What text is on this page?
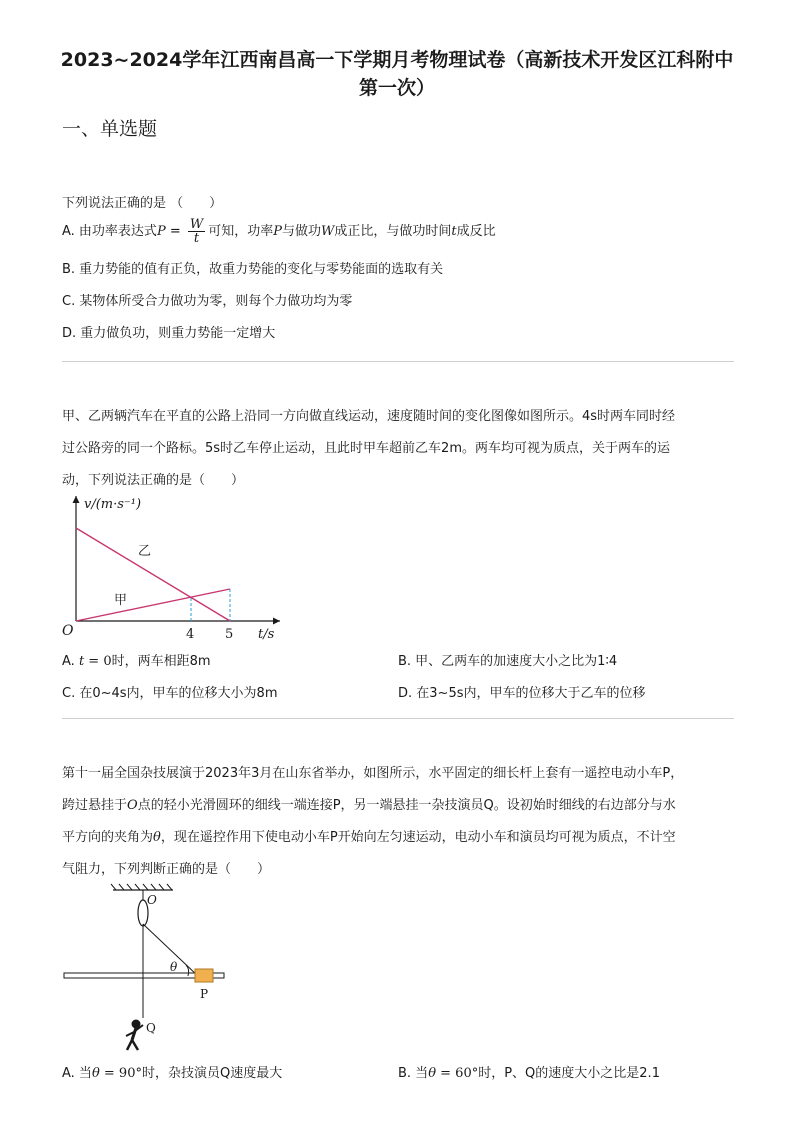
2023~2024学年江西南昌高一下学期月考物理试卷（高新技术开发区江科附中
第一次）
一、单选题
下列说法正确的是 （　　）
A. 由功率表达式$P = \frac{W}{t}$ 可知，功率P与做功W成正比，与做功时间t成反比
B. 重力势能的值有正负，故重力势能的变化与零势能面的选取有关
C. 某物体所受合力做功为零，则每个力做功均为零
D. 重力做负功，则重力势能一定增大
甲、乙两辆汽车在平直的公路上沿同一方向做直线运动，速度随时间的变化图像如图所示。4s时两车同时经
过公路旁的同一个路标。5s时乙车停止运动，且此时甲车超前乙车2m。两车均可视为质点，关于两车的运
动，下列说法正确的是（　　）
v/(m·s⁻¹)
t/s
O	4 5
乙
甲
A. t = 0时，两车相距8m	B. 甲、乙两车的加速度大小之比为1∶4
C. 在0~4s内，甲车的位移大小为8m	D. 在3~5s内，甲车的位移大于乙车的位移
第十一届全国杂技展演于2023年3月在山东省举办，如图所示，水平固定的细长杆上套有一遥控电动小车P，
跨过悬挂于O点的轻小光滑圆环的细线一端连接P，另一端悬挂一杂技演员Q。设初始时细线的右边部分与水
平方向的夹角为θ，现在遥控作用下使电动小车P开始向左匀速运动，电动小车和演员均可视为质点，不计空
气阻力，下列判断正确的是（　　）
O
P
θ
Q
A. 当θ = 90°时，杂技演员Q速度最大	B. 当θ = 60°时，P、Q的速度大小之比是2.1
